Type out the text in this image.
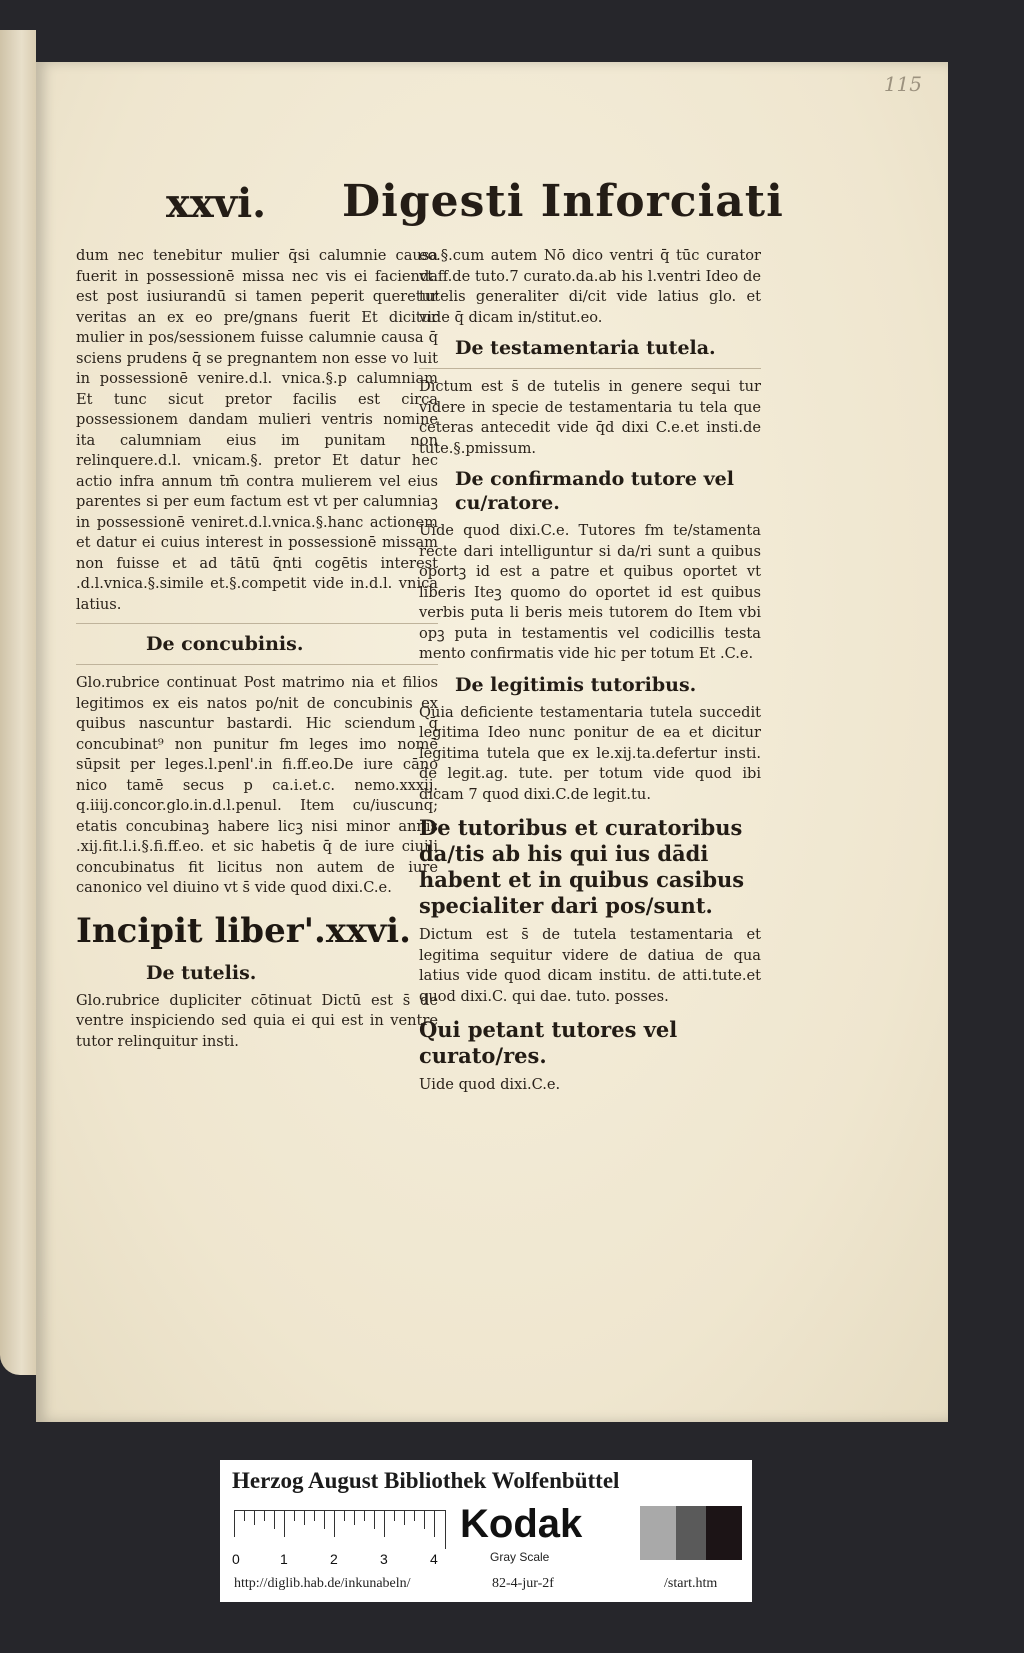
115
xxvi. Digesti Inforciati

dum nec tenebitur mulier q̄si calumnie causa fuerit in possessionē missa nec vis ei facienda est post iusiurandū si tamen peperit queretur veritas an ex eo pre/gnans fuerit Et dicitur mulier in pos/sessionem fuisse calumnie causa q̄ sciens prudens q̄ se pregnantem non esse vo luit in possessionē venire.d.l. vnica.§.p calumniam Et tunc sicut pretor facilis est circa possessionem dandam mulieri ventris nomine ita calumniam eius im punitam non relinquere.d.l. vnicam.§. pretor Et datur hec actio infra annum tm̄ contra mulierem vel eius parentes si per eum factum est vt per calumniaꝫ in possessionē veniret.d.l.vnica.§.hanc actionem et datur ei cuius interest in possessionē missam non fuisse et ad tātū q̄nti cogētis interest .d.l.vnica.§.simile et.§.competit vide in.d.l. vnica latius.

De concubinis.

Glo.rubrice continuat Post matrimo nia et filios legitimos ex eis natos po/nit de concubinis ex quibus nascuntur bastardi. Hic sciendum q̄ concubinat⁹ non punitur fm leges imo nomē sūpsit per leges.l.penl'.in fi.ff.eo.De iure cāno nico tamē secus p ca.i.et.c. nemo.xxxij. q.iiij.concor.glo.in.d.l.penul. Item cu/iuscunq; etatis concubinaꝫ habere licꝫ nisi minor annis .xij.fit.l.i.§.fi.ff.eo. et sic habetis q̄ de iure ciuili concubinatus fit licitus non autem de iure canonico vel diuino vt s̄ vide quod dixi.C.e.

Incipit liber'.xxvi.
De tutelis.

Glo.rubrice dupliciter cōtinuat Dictū est s̄ de ventre inspiciendo sed quia ei qui est in ventre tutor relinquitur insti.

eo.§.cum autem Nō dico ventri q̄ tūc curator vt.ff.de tuto.7 curato.da.ab his l.ventri Ideo de tutelis generaliter di/cit vide latius glo. et vide q̄ dicam in/stitut.eo.

De testamentaria tutela.

Dictum est s̄ de tutelis in genere sequi tur videre in specie de testamentaria tu tela que ceteras antecedit vide q̄d dixi C.e.et insti.de tute.§.pmissum.

De confirmando tutore vel cu/ratore.

Uide quod dixi.C.e. Tutores fm te/stamenta recte dari intelliguntur si da/ri sunt a quibus oportꝫ id est a patre et quibus oportet vt liberis Iteꝫ quomo do oportet id est quibus verbis puta li beris meis tutorem do Item vbi opꝫ puta in testamentis vel codicillis testa mento confirmatis vide hic per totum Et .C.e.

De legitimis tutoribus.

Quia deficiente testamentaria tutela succedit legitima Ideo nunc ponitur de ea et dicitur legitima tutela que ex le.xij.ta.defertur insti. de legit.ag. tute. per totum vide quod ibi dicam 7 quod dixi.C.de legit.tu.

De tutoribus et curatoribus da/tis ab his qui ius dādi habent et in quibus casibus specialiter dari pos/sunt.

Dictum est s̄ de tutela testamentaria et legitima sequitur videre de datiua de qua latius vide quod dicam institu. de atti.tute.et quod dixi.C. qui dae. tuto. posses.

Qui petant tutores vel curato/res.

Uide quod dixi.C.e.

Herzog August Bibliothek Wolfenbüttel
0	1	2	3	4
Kodak
Gray Scale
http://diglib.hab.de/inkunabeln/	82-4-jur-2f	/start.htm
